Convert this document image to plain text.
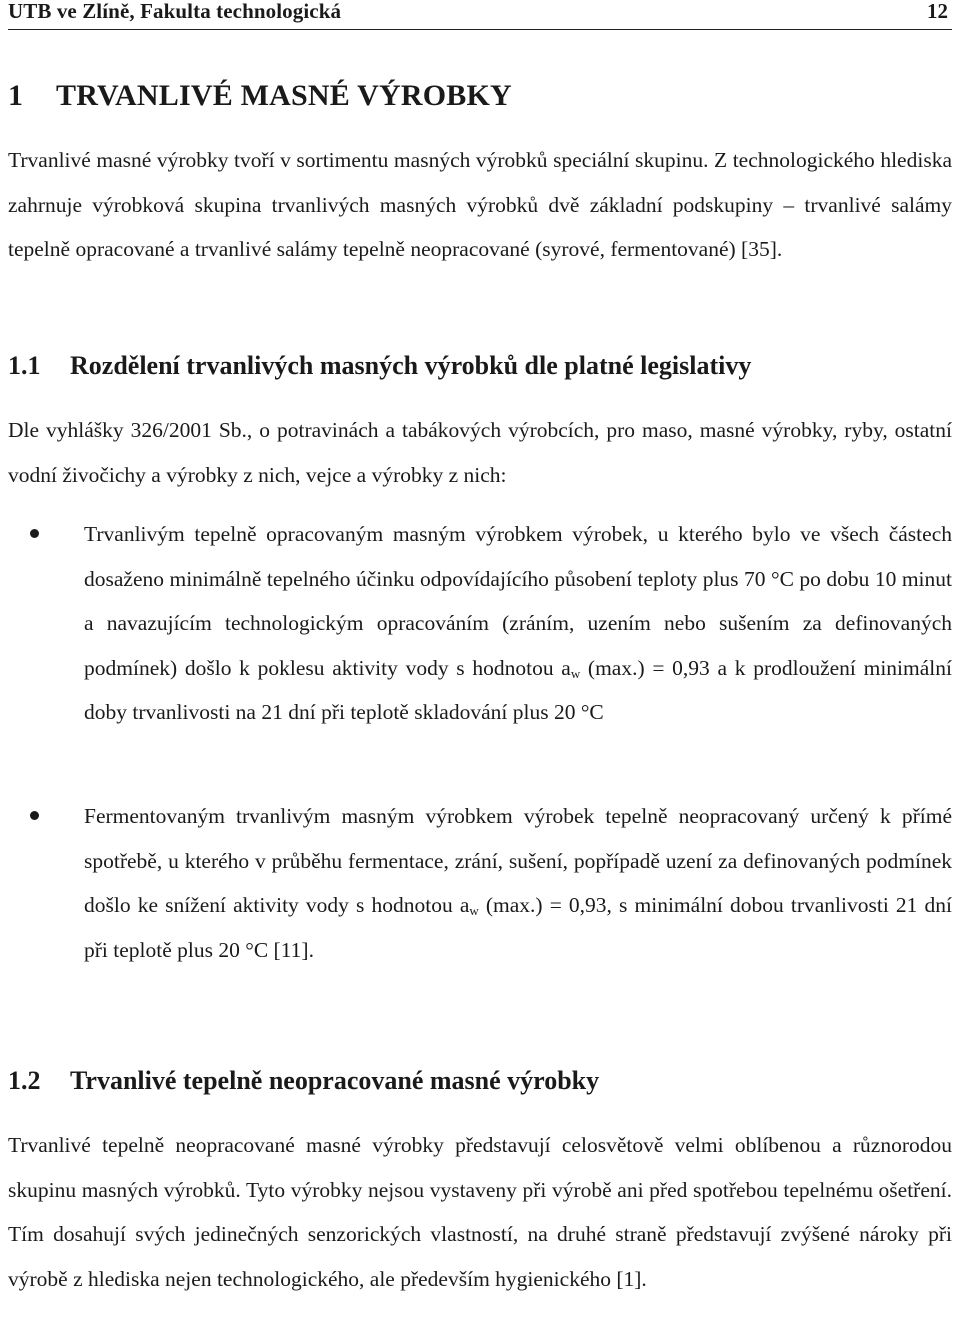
UTB ve Zlíně, Fakulta technologická	12
1 TRVANLIVÉ MASNÉ VÝROBKY

Trvanlivé masné výrobky tvoří v sortimentu masných výrobků speciální skupinu. Z technologického hlediska zahrnuje výrobková skupina trvanlivých masných výrobků dvě základní podskupiny – trvanlivé salámy tepelně opracované a trvanlivé salámy tepelně neopracované (syrové, fermentované) [35].

1.1 Rozdělení trvanlivých masných výrobků dle platné legislativy

Dle vyhlášky 326/2001 Sb., o potravinách a tabákových výrobcích, pro maso, masné výrobky, ryby, ostatní vodní živočichy a výrobky z nich, vejce a výrobky z nich:

Trvanlivým tepelně opracovaným masným výrobkem výrobek, u kterého bylo ve všech částech dosaženo minimálně tepelného účinku odpovídajícího působení teploty plus 70 °C po dobu 10 minut a navazujícím technologickým opracováním (zráním, uzením nebo sušením za definovaných podmínek) došlo k poklesu aktivity vody s hodnotou $a_w$ (max.) = 0,93 a k prodloužení minimální doby trvanlivosti na 21 dní při teplotě skladování plus 20 °C

Fermentovaným trvanlivým masným výrobkem výrobek tepelně neopracovaný určený k přímé spotřebě, u kterého v průběhu fermentace, zrání, sušení, popřípadě uzení za definovaných podmínek došlo ke snížení aktivity vody s hodnotou $a_w$ (max.) = 0,93, s minimální dobou trvanlivosti 21 dní při teplotě plus 20 °C [11].

1.2 Trvanlivé tepelně neopracované masné výrobky

Trvanlivé tepelně neopracované masné výrobky představují celosvětově velmi oblíbenou a různorodou skupinu masných výrobků. Tyto výrobky nejsou vystaveny při výrobě ani před spotřebou tepelnému ošetření. Tím dosahují svých jedinečných senzorických vlastností, na druhé straně představují zvýšené nároky při výrobě z hlediska nejen technologického, ale především hygienického [1].
